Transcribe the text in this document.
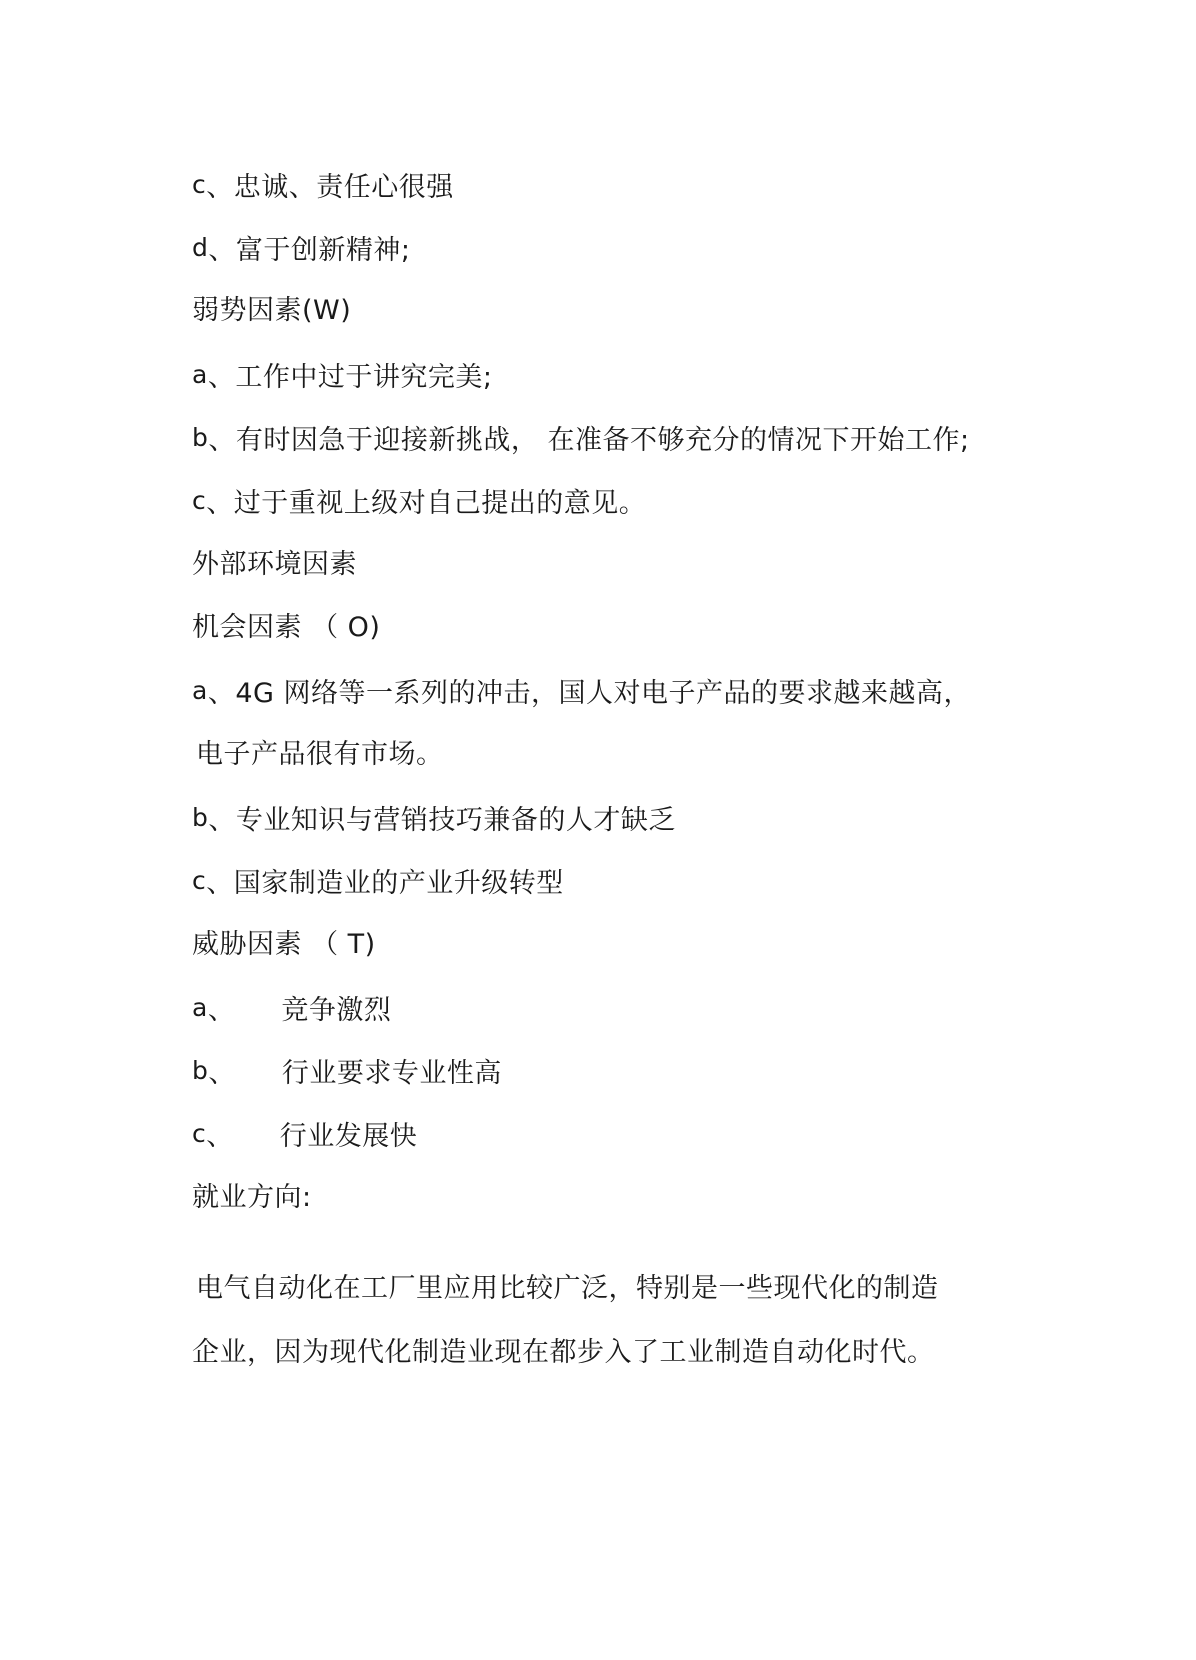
c、忠诚、责任心很强
d、富于创新精神;
弱势因素(W)
a、工作中过于讲究完美;
b、有时因急于迎接新挑战， 在准备不够充分的情况下开始工作;
c、过于重视上级对自己提出的意见。
外部环境因素
机会因素 （ O)
a、4G 网络等一系列的冲击，国人对电子产品的要求越来越高，
电子产品很有市场。
b、专业知识与营销技巧兼备的人才缺乏
c、国家制造业的产业升级转型
威胁因素 （ T)
a、 竞争激烈
b、 行业要求专业性高
c、 行业发展快
就业方向:
电气自动化在工厂里应用比较广泛，特别是一些现代化的制造
企业，因为现代化制造业现在都步入了工业制造自动化时代。
